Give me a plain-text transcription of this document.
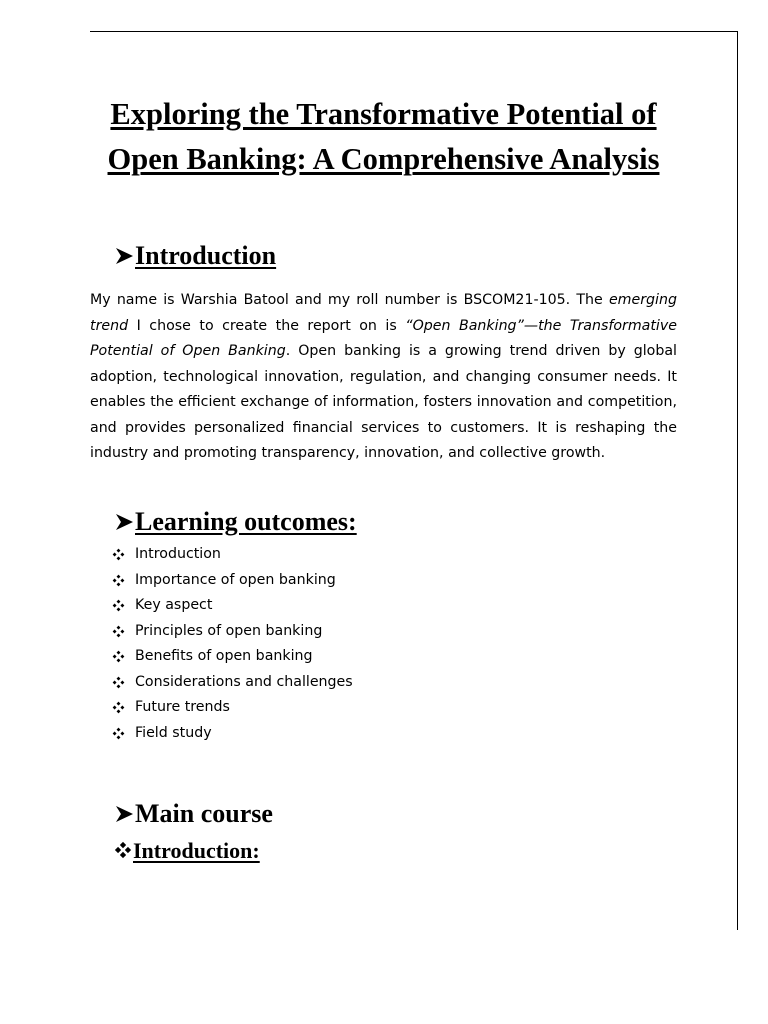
Exploring the Transformative Potential of Open Banking: A Comprehensive Analysis
Introduction

My name is Warshia Batool and my roll number is BSCOM21-105. The emerging trend I chose to create the report on is “Open Banking”—the Transformative Potential of Open Banking. Open banking is a growing trend driven by global adoption, technological innovation, regulation, and changing consumer needs. It enables the efficient exchange of information, fosters innovation and competition, and provides personalized financial services to customers. It is reshaping the industry and promoting transparency, innovation, and collective growth.

Learning outcomes:
Introduction
Importance of open banking
Key aspect
Principles of open banking
Benefits of open banking
Considerations and challenges
Future trends
Field study
Main course
Introduction:
